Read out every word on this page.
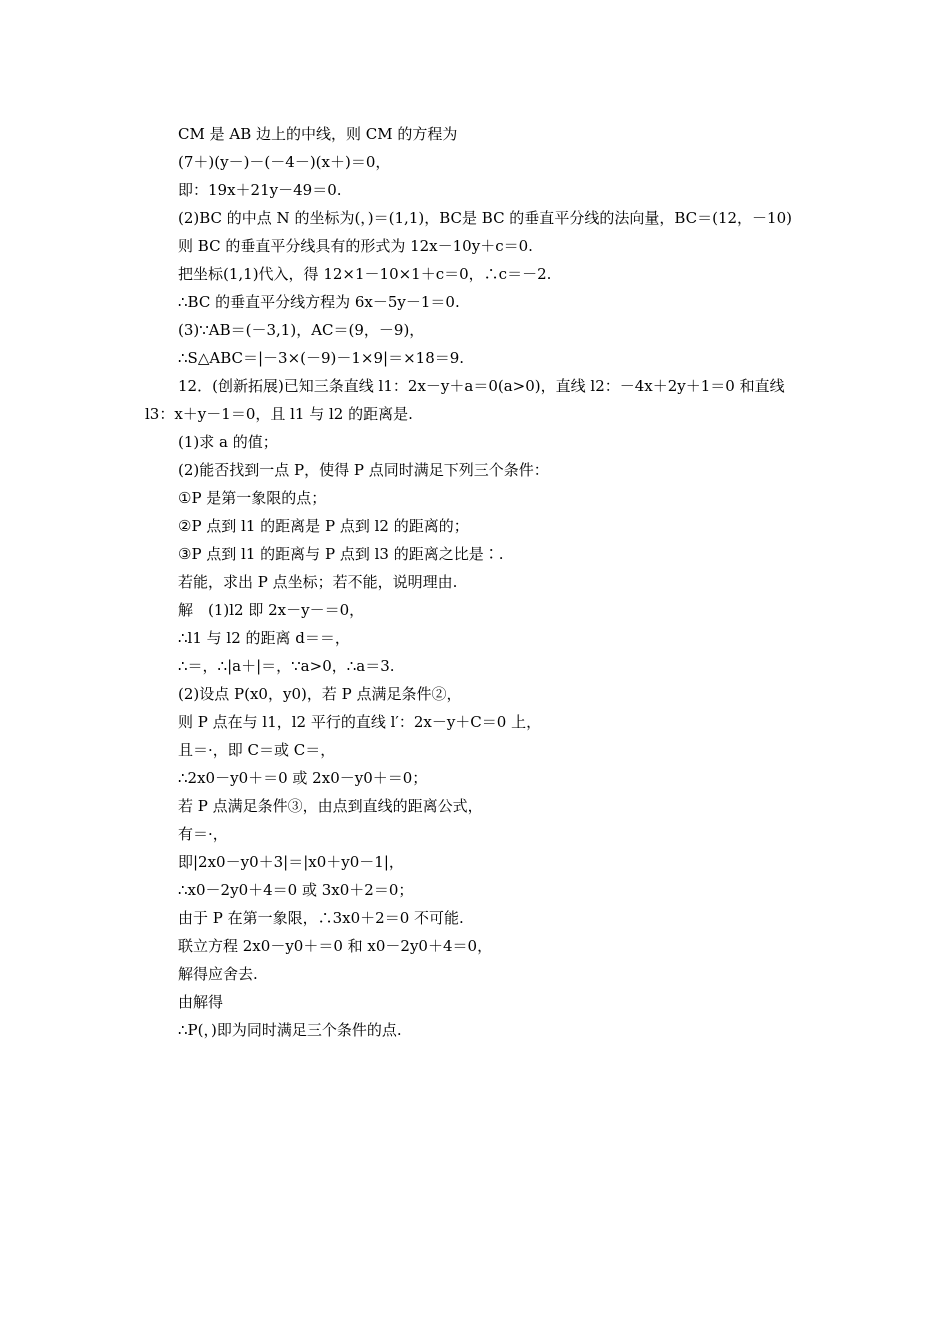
CM 是 AB 边上的中线，则 CM 的方程为
(7＋)(y－)－(－4－)(x＋)＝0，
即：19x＋21y－49＝0.
(2)BC 的中点 N 的坐标为(，)＝(1,1)，BC是 BC 的垂直平分线的法向量，BC＝(12，－10)
则 BC 的垂直平分线具有的形式为 12x－10y＋c＝0.
把坐标(1,1)代入，得 12×1－10×1＋c＝0，∴c＝－2.
∴BC 的垂直平分线方程为 6x－5y－1＝0.
(3)∵AB＝(－3,1)，AC＝(9，－9)，
∴S△ABC＝|－3×(－9)－1×9|＝×18＝9.
12．(创新拓展)已知三条直线 l1：2x－y＋a＝0(a>0)，直线 l2：－4x＋2y＋1＝0 和直线 l3：x＋y－1＝0，且 l1 与 l2 的距离是.
(1)求 a 的值；
(2)能否找到一点 P，使得 P 点同时满足下列三个条件：
①P 是第一象限的点；
②P 点到 l1 的距离是 P 点到 l2 的距离的；
③P 点到 l1 的距离与 P 点到 l3 的距离之比是∶.
若能，求出 P 点坐标；若不能，说明理由.
解　(1)l2 即 2x－y－＝0，
∴l1 与 l2 的距离 d＝＝，
∴＝，∴|a＋|＝，∵a>0，∴a＝3.
(2)设点 P(x0，y0)，若 P 点满足条件②，
则 P 点在与 l1，l2 平行的直线 l′：2x－y＋C＝0 上，
且＝·，即 C＝或 C＝，
∴2x0－y0＋＝0 或 2x0－y0＋＝0；
若 P 点满足条件③，由点到直线的距离公式，
有＝·，
即|2x0－y0＋3|＝|x0＋y0－1|，
∴x0－2y0＋4＝0 或 3x0＋2＝0；
由于 P 在第一象限，∴3x0＋2＝0 不可能.
联立方程 2x0－y0＋＝0 和 x0－2y0＋4＝0，
解得应舍去.
由解得
∴P(，)即为同时满足三个条件的点.
